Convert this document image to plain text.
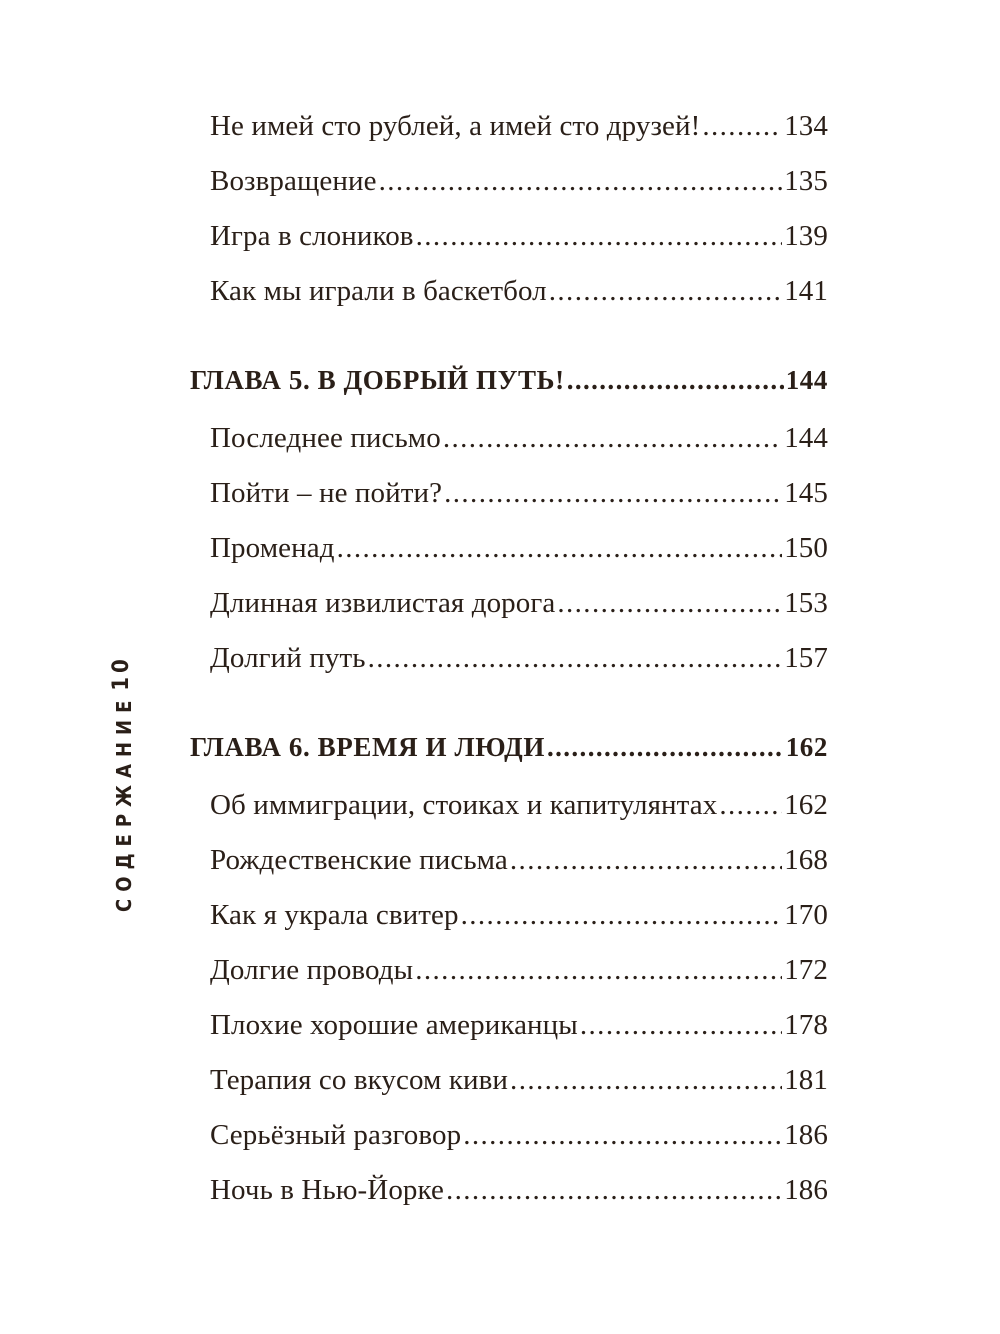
Не имей сто рублей, а имей сто друзей! .....	134
Возвращение .....	135
Игра в слоников .....	139
Как мы играли в баскетбол .....	141
ГЛАВА 5. В ДОБРЫЙ ПУТЬ! .....	144
Последнее письмо .....	144
Пойти – не пойти? .....	145
Променад .....	150
Длинная извилистая дорога .....	153
Долгий путь .....	157
ГЛАВА 6. ВРЕМЯ И ЛЮДИ .....	162
Об иммиграции, стоиках и капитулянтах ..... 162
Рождественские письма .....	168
Как я украла свитер .....	170
Долгие проводы .....	172
Плохие хорошие американцы .....	178
Терапия со вкусом киви .....	181
Серьёзный разговор .....	186
Ночь в Нью-Йорке .....	186
10
СОДЕРЖАНИЕ
